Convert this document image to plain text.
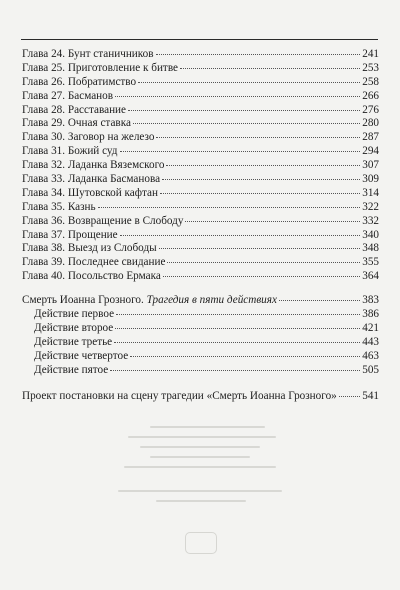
Глава 24. Бунт станичников	241
Глава 25. Приготовление к битве	253
Глава 26. Побратимство	258
Глава 27. Басманов	266
Глава 28. Расставание	276
Глава 29. Очная ставка	280
Глава 30. Заговор на железо	287
Глава 31. Божий суд	294
Глава 32. Ладанка Вяземского	307
Глава 33. Ладанка Басманова	309
Глава 34. Шутовской кафтан	314
Глава 35. Казнь	322
Глава 36. Возвращение в Слободу	332
Глава 37. Прощение	340
Глава 38. Выезд из Слободы	348
Глава 39. Последнее свидание	355
Глава 40. Посольство Ермака	364
Смерть Иоанна Грозного. Трагедия в пяти действиях	383
Действие первое	386
Действие второе	421
Действие третье	443
Действие четвертое	463
Действие пятое	505
Проект постановки на сцену трагедии «Смерть Иоанна Грозного» 541
